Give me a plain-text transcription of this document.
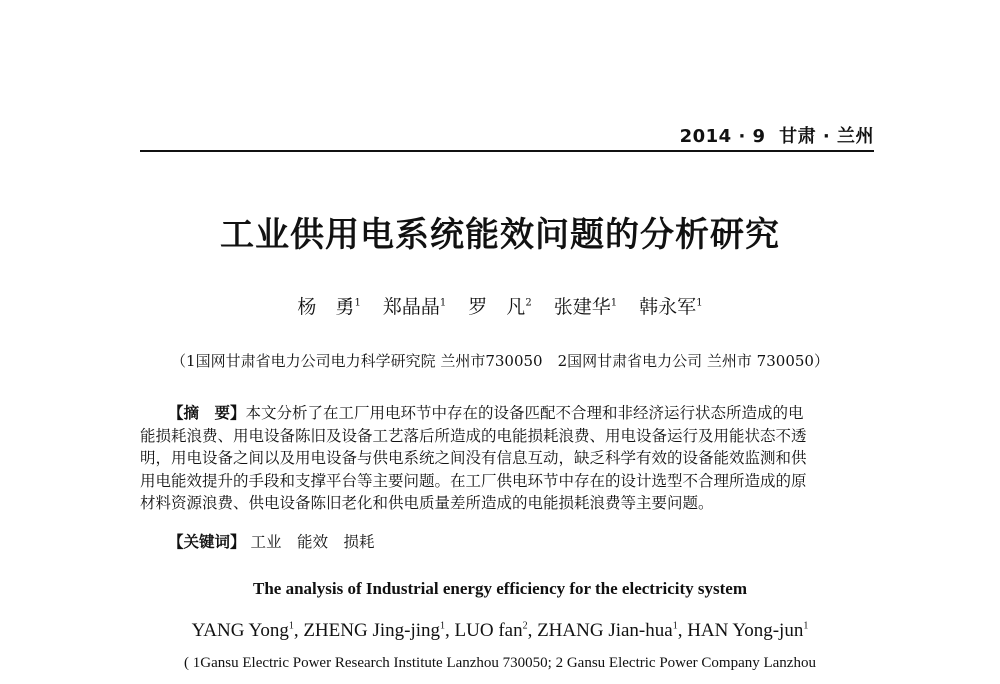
2014 · 9 甘肃 · 兰州
工业供用电系统能效问题的分析研究
杨　勇$^1$ 郑晶晶$^1$ 罗　凡$^2$ 张建华$^1$ 韩永军$^1$
（1国网甘肃省电力公司电力科学研究院 兰州市730050　2国网甘肃省电力公司 兰州市 730050）
【摘　要】本文分析了在工厂用电环节中存在的设备匹配不合理和非经济运行状态所造成的电
能损耗浪费、用电设备陈旧及设备工艺落后所造成的电能损耗浪费、用电设备运行及用能状态不透
明，用电设备之间以及用电设备与供电系统之间没有信息互动，缺乏科学有效的设备能效监测和供
用电能效提升的手段和支撑平台等主要问题。在工厂供电环节中存在的设计选型不合理所造成的原
材料资源浪费、供电设备陈旧老化和供电质量差所造成的电能损耗浪费等主要问题。
【关键词】 工业　能效　损耗
The analysis of Industrial energy efficiency for the electricity system
YANG Yong$^1$, ZHENG Jing-jing$^1$, LUO fan$^2$, ZHANG Jian-hua$^1$, HAN Yong-jun$^1$
( 1Gansu Electric Power Research Institute Lanzhou 730050; 2 Gansu Electric Power Company Lanzhou
